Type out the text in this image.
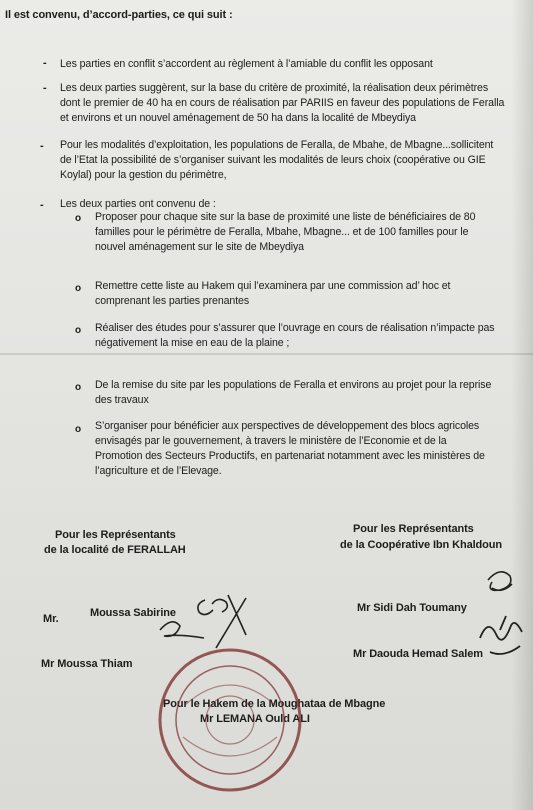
Il est convenu, d’accord-parties, ce qui suit :
- Les parties en conflit s’accordent au règlement à l’amiable du conflit les opposant
- Les deux parties suggèrent, sur la base du critère de proximité, la réalisation deux périmètres
dont le premier de 40 ha en cours de réalisation par PARIIS en faveur des populations de Feralla
et environs et un nouvel aménagement de 50 ha dans la localité de Mbeydiya
- Pour les modalités d’exploitation, les populations de Feralla, de Mbahe, de Mbagne...sollicitent
de l’Etat la possibilité de s’organiser suivant les modalités de leurs choix (coopérative ou GIE
Koylal) pour la gestion du périmètre,
- Les deux parties ont convenu de :
o Proposer pour chaque site sur la base de proximité une liste de bénéficiaires de 80
familles pour le périmètre de Feralla, Mbahe, Mbagne... et de 100 familles pour le
nouvel aménagement sur le site de Mbeydiya
o Remettre cette liste au Hakem qui l’examinera par une commission ad’ hoc et
comprenant les parties prenantes
o Réaliser des études pour s’assurer que l’ouvrage en cours de réalisation n’impacte pas
négativement la mise en eau de la plaine ;
o De la remise du site par les populations de Feralla et environs au projet pour la reprise
des travaux
o S’organiser pour bénéficier aux perspectives de développement des blocs agricoles
envisagés par le gouvernement, à travers le ministère de l’Economie et de la
Promotion des Secteurs Productifs, en partenariat notamment avec les ministères de
l’agriculture et de l’Elevage.
Pour les Représentants
de la localité de FERALLAH
Pour les Représentants
de la Coopérative Ibn Khaldoun
Mr.	Moussa Sabirine
Mr Moussa Thiam
Mr Sidi Dah Toumany
Mr Daouda Hemad Salem
Pour le Hakem de la Moughataa de Mbagne
Mr LEMANA Ould ALI
